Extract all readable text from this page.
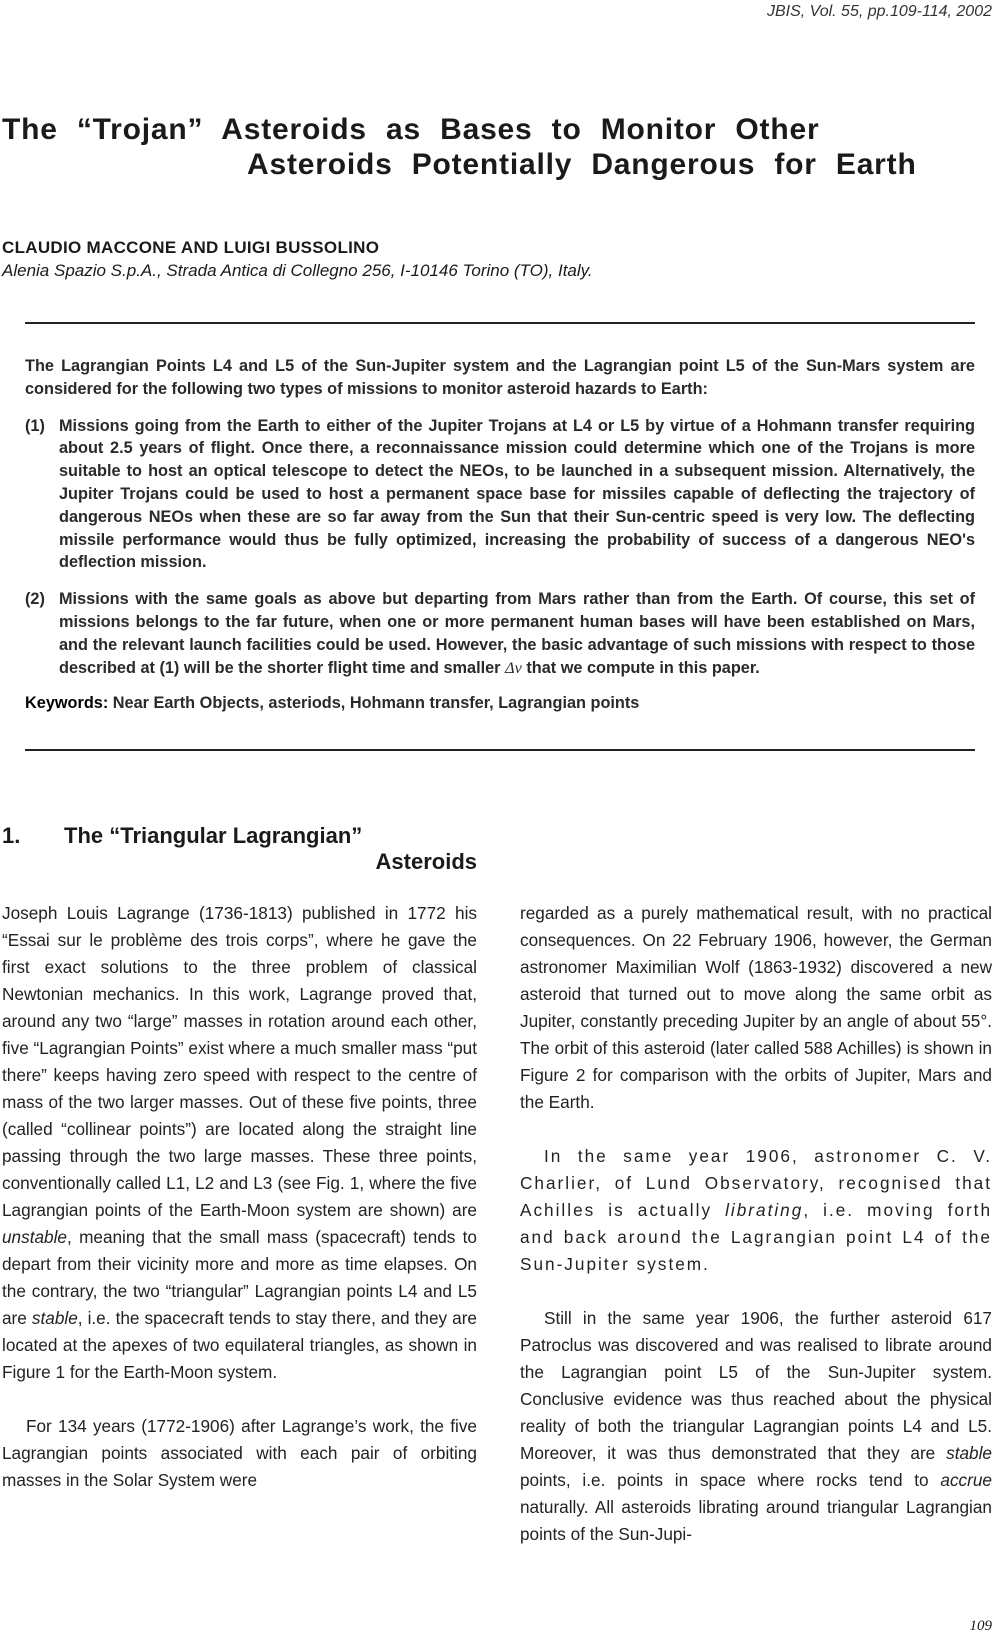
JBIS, Vol. 55, pp.109-114, 2002
The “Trojan” Asteroids as Bases to Monitor Other
Asteroids Potentially Dangerous for Earth
CLAUDIO MACCONE AND LUIGI BUSSOLINO
Alenia Spazio S.p.A., Strada Antica di Collegno 256, I-10146 Torino (TO), Italy.

The Lagrangian Points L4 and L5 of the Sun-Jupiter system and the Lagrangian point L5 of the Sun-Mars system are considered for the following two types of missions to monitor asteroid hazards to Earth:

(1) Missions going from the Earth to either of the Jupiter Trojans at L4 or L5 by virtue of a Hohmann transfer requiring about 2.5 years of flight. Once there, a reconnaissance mission could determine which one of the Trojans is more suitable to host an optical telescope to detect the NEOs, to be launched in a subsequent mission. Alternatively, the Jupiter Trojans could be used to host a permanent space base for missiles capable of deflecting the trajectory of dangerous NEOs when these are so far away from the Sun that their Sun-centric speed is very low. The deflecting missile performance would thus be fully optimized, increasing the probability of success of a dangerous NEO's deflection mission.

(2) Missions with the same goals as above but departing from Mars rather than from the Earth. Of course, this set of missions belongs to the far future, when one or more permanent human bases will have been established on Mars, and the relevant launch facilities could be used. However, the basic advantage of such missions with respect to those described at (1) will be the shorter flight time and smaller Δv that we compute in this paper.

Keywords: Near Earth Objects, asteriods, Hohmann transfer, Lagrangian points

1. The “Triangular Lagrangian”
Asteroids

Joseph Louis Lagrange (1736-1813) published in 1772 his “Essai sur le problème des trois corps”, where he gave the first exact solutions to the three problem of classical Newtonian mechanics. In this work, Lagrange proved that, around any two “large” masses in rotation around each other, five “Lagrangian Points” exist where a much smaller mass “put there” keeps having zero speed with respect to the centre of mass of the two larger masses. Out of these five points, three (called “collinear points”) are located along the straight line passing through the two large masses. These three points, conventionally called L1, L2 and L3 (see Fig. 1, where the five Lagrangian points of the Earth-Moon system are shown) are unstable, meaning that the small mass (spacecraft) tends to depart from their vicinity more and more as time elapses. On the contrary, the two “triangular” Lagrangian points L4 and L5 are stable, i.e. the spacecraft tends to stay there, and they are located at the apexes of two equilateral triangles, as shown in Figure 1 for the Earth-Moon system.

For 134 years (1772-1906) after Lagrange’s work, the five Lagrangian points associated with each pair of orbiting masses in the Solar System were

regarded as a purely mathematical result, with no practical consequences. On 22 February 1906, however, the German astronomer Maximilian Wolf (1863-1932) discovered a new asteroid that turned out to move along the same orbit as Jupiter, constantly preceding Jupiter by an angle of about 55°. The orbit of this asteroid (later called 588 Achilles) is shown in Figure 2 for comparison with the orbits of Jupiter, Mars and the Earth.

In the same year 1906, astronomer C. V. Charlier, of Lund Observatory, recognised that Achilles is actually librating, i.e. moving forth and back around the Lagrangian point L4 of the Sun-Jupiter system.

Still in the same year 1906, the further asteroid 617 Patroclus was discovered and was realised to librate around the Lagrangian point L5 of the Sun-Jupiter system. Conclusive evidence was thus reached about the physical reality of both the triangular Lagrangian points L4 and L5. Moreover, it was thus demonstrated that they are stable points, i.e. points in space where rocks tend to accrue naturally. All asteroids librating around triangular Lagrangian points of the Sun-Jupi-

109
